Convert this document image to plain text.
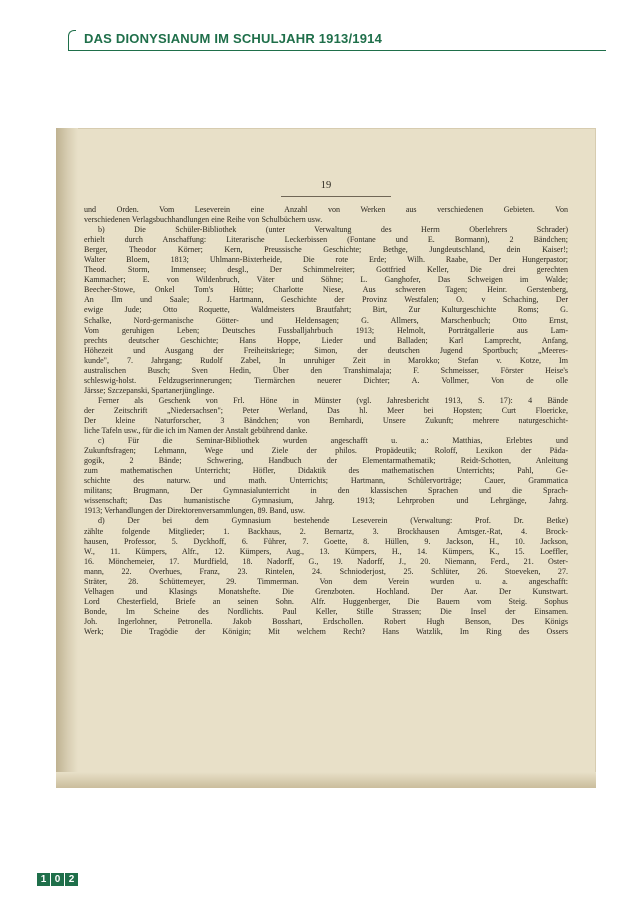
DAS DIONYSIANUM IM SCHULJAHR 1913/1914
19
und Orden. Vom Leseverein eine Anzahl von Werken aus verschiedenen Gebieten. Von
verschiedenen Verlagsbuchhandlungen eine Reihe von Schulbüchern usw.
b) Die Schüler-Bibliothek (unter Verwaltung des Herrn Oberlehrers Schrader)
erhielt durch Anschaffung: Literarische Leckerbissen (Fontane und E. Bormann), 2 Bändchen;
Berger, Theodor Körner; Kern, Preussische Geschichte; Bethge, Jungdeutschland, dein Kaiser!;
Walter Bloem, 1813; Uhlmann-Bixterheide, Die rote Erde; Wilh. Raabe, Der Hungerpastor;
Theod. Storm, Immensee; desgl., Der Schimmelreiter; Gottfried Keller, Die drei gerechten
Kammacher; E. von Wildenbruch, Väter und Söhne; L. Ganghofer, Das Schweigen im Walde;
Beecher-Stowe, Onkel Tom's Hütte; Charlotte Niese, Aus schweren Tagen; Heinr. Gerstenberg,
An Ilm und Saale; J. Hartmann, Geschichte der Provinz Westfalen; O. v Schaching, Der
ewige Jude; Otto Roquette, Waldmeisters Brautfahrt; Birt, Zur Kulturgeschichte Roms; G.
Schalke, Nord-germanische Götter- und Heldensagen; G. Allmers, Marschenbuch; Otto Ernst,
Vom geruhigen Leben; Deutsches Fussballjahrbuch 1913; Helmolt, Porträtgallerie aus Lam-
prechts deutscher Geschichte; Hans Hoppe, Lieder und Balladen; Karl Lamprecht, Anfang,
Höhezeit und Ausgang der Freiheitskriege; Simon, der deutschen Jugend Sportbuch; „Meeres-
kunde", 7. Jahrgang; Rudolf Zabel, In unruhiger Zeit in Marokko; Stefan v. Kotze, Im
australischen Busch; Sven Hedin, Über den Transhimalaja; F. Schmeisser, Förster Heise's
schleswig-holst. Feldzugserinnerungen; Tiermärchen neuerer Dichter; A. Vollmer, Von de olle
Järsse; Szczepanski, Spartanerjünglinge.
Ferner als Geschenk von Frl. Höne in Münster (vgl. Jahresbericht 1913, S. 17): 4 Bände
der Zeitschrift „Niedersachsen"; Peter Werland, Das hl. Meer bei Hopsten; Curt Floericke,
Der kleine Naturforscher, 3 Bändchen; von Bernhardi, Unsere Zukunft; mehrere naturgeschicht-
liche Tafeln usw., für die ich im Namen der Anstalt gebührend danke.
c) Für die Seminar-Bibliothek wurden angeschafft u. a.: Matthias, Erlebtes und
Zukunftsfragen; Lehmann, Wege und Ziele der philos. Propädeutik; Roloff, Lexikon der Päda-
gogik, 2 Bände; Schwering, Handbuch der Elementarmathematik; Reidt-Schotten, Anleitung
zum mathematischen Unterricht; Höfler, Didaktik des mathematischen Unterrichts; Pahl, Ge-
schichte des naturw. und math. Unterrichts; Hartmann, Schülervorträge; Cauer, Grammatica
militans; Brugmann, Der Gymnasialunterricht in den klassischen Sprachen und die Sprach-
wissenschaft; Das humanistische Gymnasium, Jahrg. 1913; Lehrproben und Lehrgänge, Jahrg.
1913; Verhandlungen der Direktorenversammlungen, 89. Band, usw.
d) Der bei dem Gymnasium bestehende Leseverein (Verwaltung: Prof. Dr. Betke)
zählte folgende Mitglieder; 1. Backhaus, 2. Bernartz, 3. Brockhausen Amtsger.-Rat, 4. Brock-
hausen, Professor, 5. Dyckhoff, 6. Führer, 7. Goette, 8. Hüllen, 9. Jackson, H., 10. Jackson,
W., 11. Kümpers, Alfr., 12. Kümpers, Aug., 13. Kümpers, H., 14. Kümpers, K., 15. Loeffler,
16. Mönchemeier, 17. Murdfield, 18. Nadorff, G., 19. Nadorff, J., 20. Niemann, Ferd., 21. Oster-
mann, 22. Overhues, Franz, 23. Rintelen, 24. Schnioderjost, 25. Schlüter, 26. Stoeveken, 27.
Sträter, 28. Schüttemeyer, 29. Timmerman. Von dem Verein wurden u. a. angeschafft:
Velhagen und Klasings Monatshefte. Die Grenzboten. Hochland. Der Aar. Der Kunstwart.
Lord Chesterfield, Briefe an seinen Sohn. Alfr. Huggenberger, Die Bauern vom Steig. Sophus
Bonde, Im Scheine des Nordlichts. Paul Keller, Stille Strassen; Die Insel der Einsamen.
Joh. Ingerlohner, Petronella. Jakob Bosshart, Erdschollen. Robert Hugh Benson, Des Königs
Werk; Die Tragödie der Königin; Mit welchem Recht? Hans Watzlik, Im Ring des Ossers
1 0 2
